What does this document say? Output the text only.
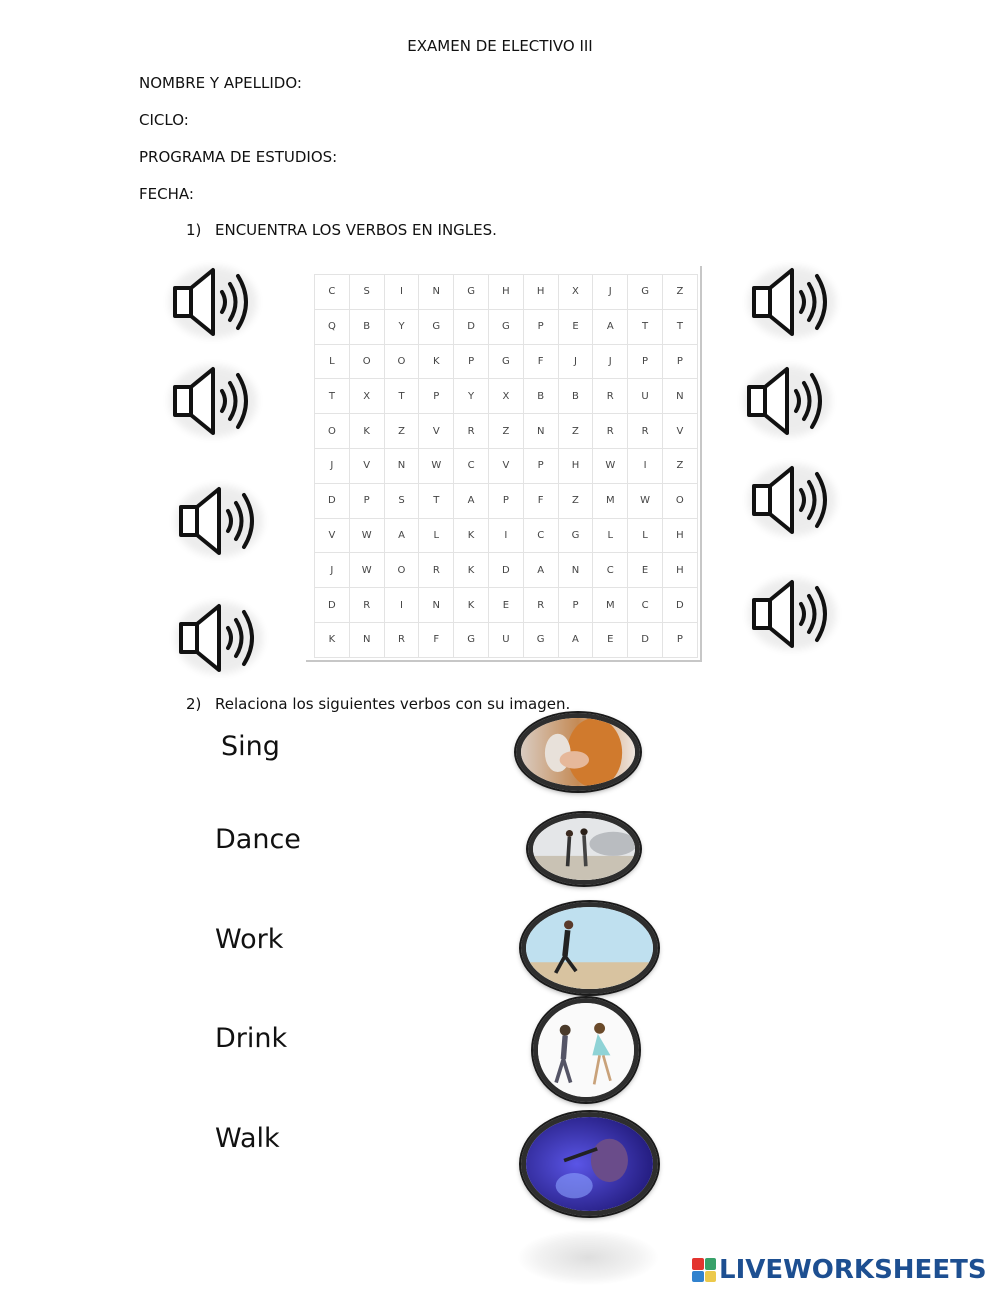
EXAMEN DE ELECTIVO III
NOMBRE Y APELLIDO:
CICLO:
PROGRAMA DE ESTUDIOS:
FECHA:
1) ENCUENTRA LOS VERBOS EN INGLES.
C	S	I	N	G	H	H	X	J	G	Z
Q	B	Y	G	D	G	P	E	A	T	T
L	O	O	K	P	G	F	J	J	P	P
T	X	T	P	Y	X	B	B	R	U	N
O	K	Z	V	R	Z	N	Z	R	R	V
J	V	N	W	C	V	P	H	W	I	Z
D	P	S	T	A	P	F	Z	M	W	O
V	W	A	L	K	I	C	G	L	L	H
J	W	O	R	K	D	A	N	C	E	H
D	R	I	N	K	E	R	P	M	C	D
K	N	R	F	G	U	G	A	E	D	P
2) Relaciona los siguientes verbos con su imagen.
Sing
Dance
Work
Drink
Walk
LIVEWORKSHEETS
